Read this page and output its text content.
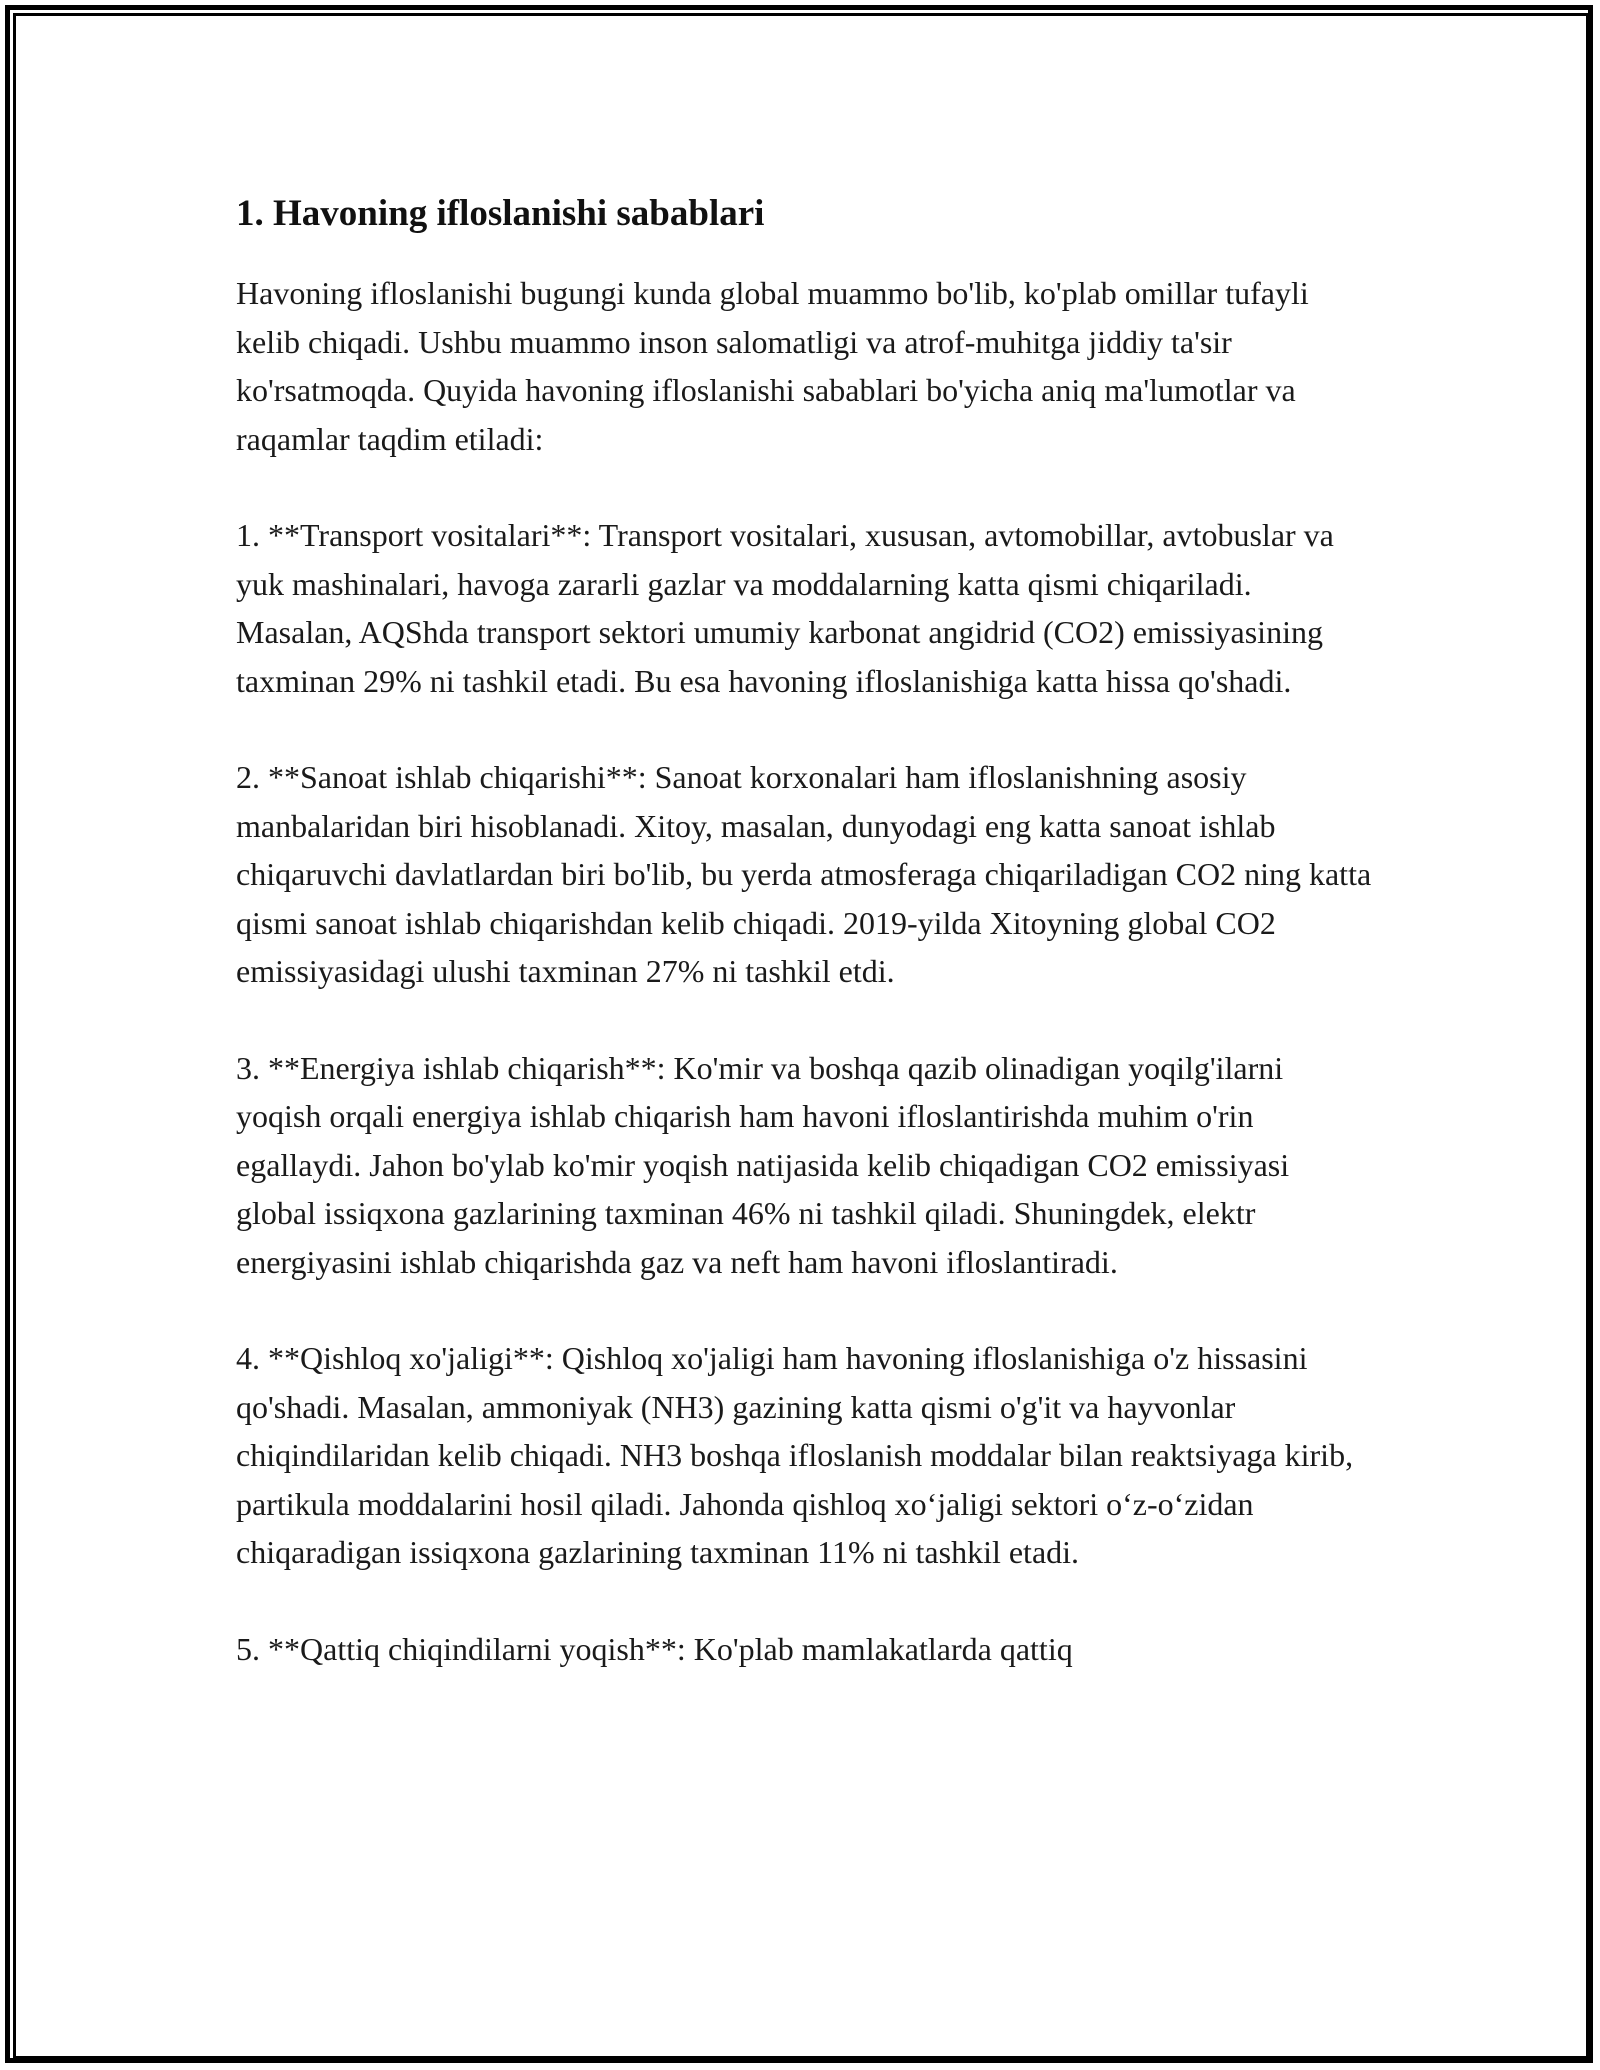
1. Havoning ifloslanishi sabablari

Havoning ifloslanishi bugungi kunda global muammo bo'lib, ko'plab omillar tufayli kelib chiqadi. Ushbu muammo inson salomatligi va atrof-muhitga jiddiy ta'sir ko'rsatmoqda. Quyida havoning ifloslanishi sabablari bo'yicha aniq ma'lumotlar va raqamlar taqdim etiladi:

1. **Transport vositalari**: Transport vositalari, xususan, avtomobillar, avtobuslar va yuk mashinalari, havoga zararli gazlar va moddalarning katta qismi chiqariladi. Masalan, AQShda transport sektori umumiy karbonat angidrid (CO2) emissiyasining taxminan 29% ni tashkil etadi. Bu esa havoning ifloslanishiga katta hissa qo'shadi.

2. **Sanoat ishlab chiqarishi**: Sanoat korxonalari ham ifloslanishning asosiy manbalaridan biri hisoblanadi. Xitoy, masalan, dunyodagi eng katta sanoat ishlab chiqaruvchi davlatlardan biri bo'lib, bu yerda atmosferaga chiqariladigan CO2 ning katta qismi sanoat ishlab chiqarishdan kelib chiqadi. 2019-yilda Xitoyning global CO2 emissiyasidagi ulushi taxminan 27% ni tashkil etdi.

3. **Energiya ishlab chiqarish**: Ko'mir va boshqa qazib olinadigan yoqilg'ilarni yoqish orqali energiya ishlab chiqarish ham havoni ifloslantirishda muhim o'rin egallaydi. Jahon bo'ylab ko'mir yoqish natijasida kelib chiqadigan CO2 emissiyasi global issiqxona gazlarining taxminan 46% ni tashkil qiladi. Shuningdek, elektr energiyasini ishlab chiqarishda gaz va neft ham havoni ifloslantiradi.

4. **Qishloq xo'jaligi**: Qishloq xo'jaligi ham havoning ifloslanishiga o'z hissasini qo'shadi. Masalan, ammoniyak (NH3) gazining katta qismi o'g'it va hayvonlar chiqindilaridan kelib chiqadi. NH3 boshqa ifloslanish moddalar bilan reaktsiyaga kirib, partikula moddalarini hosil qiladi. Jahonda qishloq xo‘jaligi sektori o‘z-o‘zidan chiqaradigan issiqxona gazlarining taxminan 11% ni tashkil etadi.

5. **Qattiq chiqindilarni yoqish**: Ko'plab mamlakatlarda qattiq
